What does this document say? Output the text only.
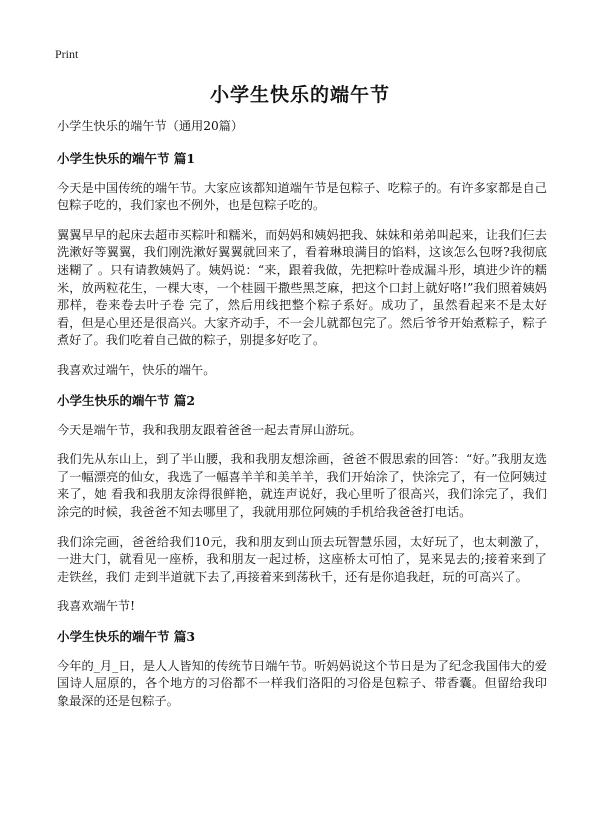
Print
小学生快乐的端午节

小学生快乐的端午节（通用20篇）

小学生快乐的端午节 篇1

今天是中国传统的端午节。大家应该都知道端午节是包粽子、吃粽子的。有许多家都是自己包粽子吃的，我们家也不例外，也是包粽子吃的。

翼翼早早的起床去超市买粽叶和糯米，而妈妈和姨妈把我、妹妹和弟弟叫起来，让我们仨去洗漱好等翼翼，我们刚洗漱好翼翼就回来了，看着琳琅满目的馅料，这该怎么包呀?我彻底迷糊了 。只有请教姨妈了。姨妈说：“来，跟着我做，先把粽叶卷成漏斗形，填进少许的糯米，放两粒花生，一棵大枣，一个桂圆干撒些黑芝麻，把这个口封上就好咯!”我们照着姨妈那样，卷来卷去叶子卷 完了，然后用线把整个粽子系好。成功了，虽然看起来不是太好看，但是心里还是很高兴。大家齐动手，不一会儿就都包完了。然后爷爷开始煮粽子，粽子煮好了。我们吃着自己做的粽子，别提多好吃了。

我喜欢过端午，快乐的端午。

小学生快乐的端午节 篇2

今天是端午节，我和我朋友跟着爸爸一起去青屏山游玩。

我们先从东山上，到了半山腰，我和我朋友想涂画，爸爸不假思索的回答：“好。”我朋友选了一幅漂亮的仙女，我选了一幅喜羊羊和美羊羊，我们开始涂了，快涂完了，有一位阿姨过来了，她 看我和我朋友涂得很鲜艳，就连声说好，我心里听了很高兴，我们涂完了，我们涂完的时候，我爸爸不知去哪里了，我就用那位阿姨的手机给我爸爸打电话。

我们涂完画，爸爸给我们10元，我和朋友到山顶去玩智慧乐园，太好玩了，也太刺激了，一进大门，就看见一座桥，我和朋友一起过桥，这座桥太可怕了，晃来晃去的;接着来到了走铁丝，我们 走到半道就下去了,再接着来到荡秋千，还有是你追我赶，玩的可高兴了。

我喜欢端午节!

小学生快乐的端午节 篇3

今年的_月_日，是人人皆知的传统节日端午节。听妈妈说这个节日是为了纪念我国伟大的爱国诗人屈原的，各个地方的习俗都不一样我们洛阳的习俗是包粽子、带香囊。但留给我印 象最深的还是包粽子。
